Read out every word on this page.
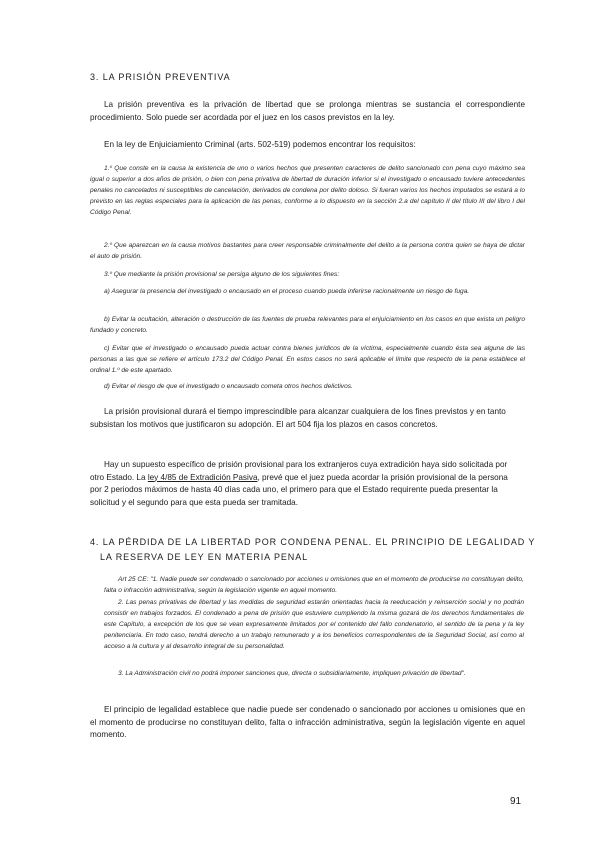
3. LA PRISIÓN PREVENTIVA

La prisión preventiva es la privación de libertad que se prolonga mientras se sustancia el correspondiente procedimiento. Solo puede ser acordada por el juez en los casos previstos en la ley.

En la ley de Enjuiciamiento Criminal (arts. 502-519) podemos encontrar los requisitos:

1.º Que conste en la causa la existencia de uno o varios hechos que presenten caracteres de delito sancionado con pena cuyo máximo sea igual o superior a dos años de prisión, o bien con pena privativa de libertad de duración inferior si el investigado o encausado tuviere antecedentes penales no cancelados ni susceptibles de cancelación, derivados de condena por delito doloso. Si fueran varios los hechos imputados se estará a lo previsto en las reglas especiales para la aplicación de las penas, conforme a lo dispuesto en la sección 2.a del capítulo II del título III del libro I del Código Penal.

2.º Que aparezcan en la causa motivos bastantes para creer responsable criminalmente del delito a la persona contra quien se haya de dictar el auto de prisión.

3.º Que mediante la prisión provisional se persiga alguno de los siguientes fines:

a) Asegurar la presencia del investigado o encausado en el proceso cuando pueda inferirse racionalmente un riesgo de fuga.

b) Evitar la ocultación, alteración o destrucción de las fuentes de prueba relevantes para el enjuiciamiento en los casos en que exista un peligro fundado y concreto.

c) Evitar que el investigado o encausado pueda actuar contra bienes jurídicos de la víctima, especialmente cuando ésta sea alguna de las personas a las que se refiere el artículo 173.2 del Código Penal. En estos casos no será aplicable el límite que respecto de la pena establece el ordinal 1.º de este apartado.

d) Evitar el riesgo de que el investigado o encausado cometa otros hechos delictivos.

La prisión provisional durará el tiempo imprescindible para alcanzar cualquiera de los fines previstos y en tanto subsistan los motivos que justificaron su adopción. El art 504 fija los plazos en casos concretos.

Hay un supuesto específico de prisión provisional para los extranjeros cuya extradición haya sido solicitada por otro Estado. La ley 4/85 de Extradición Pasiva, prevé que el juez pueda acordar la prisión provisional de la persona por 2 periodos máximos de hasta 40 días cada uno, el primero para que el Estado requirente pueda presentar la solicitud y el segundo para que esta pueda ser tramitada.

4. LA PÉRDIDA DE LA LIBERTAD POR CONDENA PENAL. EL PRINCIPIO DE LEGALIDAD Y
LA RESERVA DE LEY EN MATERIA PENAL

Art 25 CE: "1. Nadie puede ser condenado o sancionado por acciones u omisiones que en el momento de producirse no constituyan delito, falta o infracción administrativa, según la legislación vigente en aquel momento.

2. Las penas privativas de libertad y las medidas de seguridad estarán orientadas hacia la reeducación y reinserción social y no podrán consistir en trabajos forzados. El condenado a pena de prisión que estuviere cumpliendo la misma gozará de los derechos fundamentales de este Capítulo, a excepción de los que se vean expresamente limitados por el contenido del fallo condenatorio, el sentido de la pena y la ley penitenciaria. En todo caso, tendrá derecho a un trabajo remunerado y a los beneficios correspondientes de la Seguridad Social, así como al acceso a la cultura y al desarrollo integral de su personalidad.

3. La Administración civil no podrá imponer sanciones que, directa o subsidiariamente, impliquen privación de libertad".

El principio de legalidad establece que nadie puede ser condenado o sancionado por acciones u omisiones que en el momento de producirse no constituyan delito, falta o infracción administrativa, según la legislación vigente en aquel momento.

91
